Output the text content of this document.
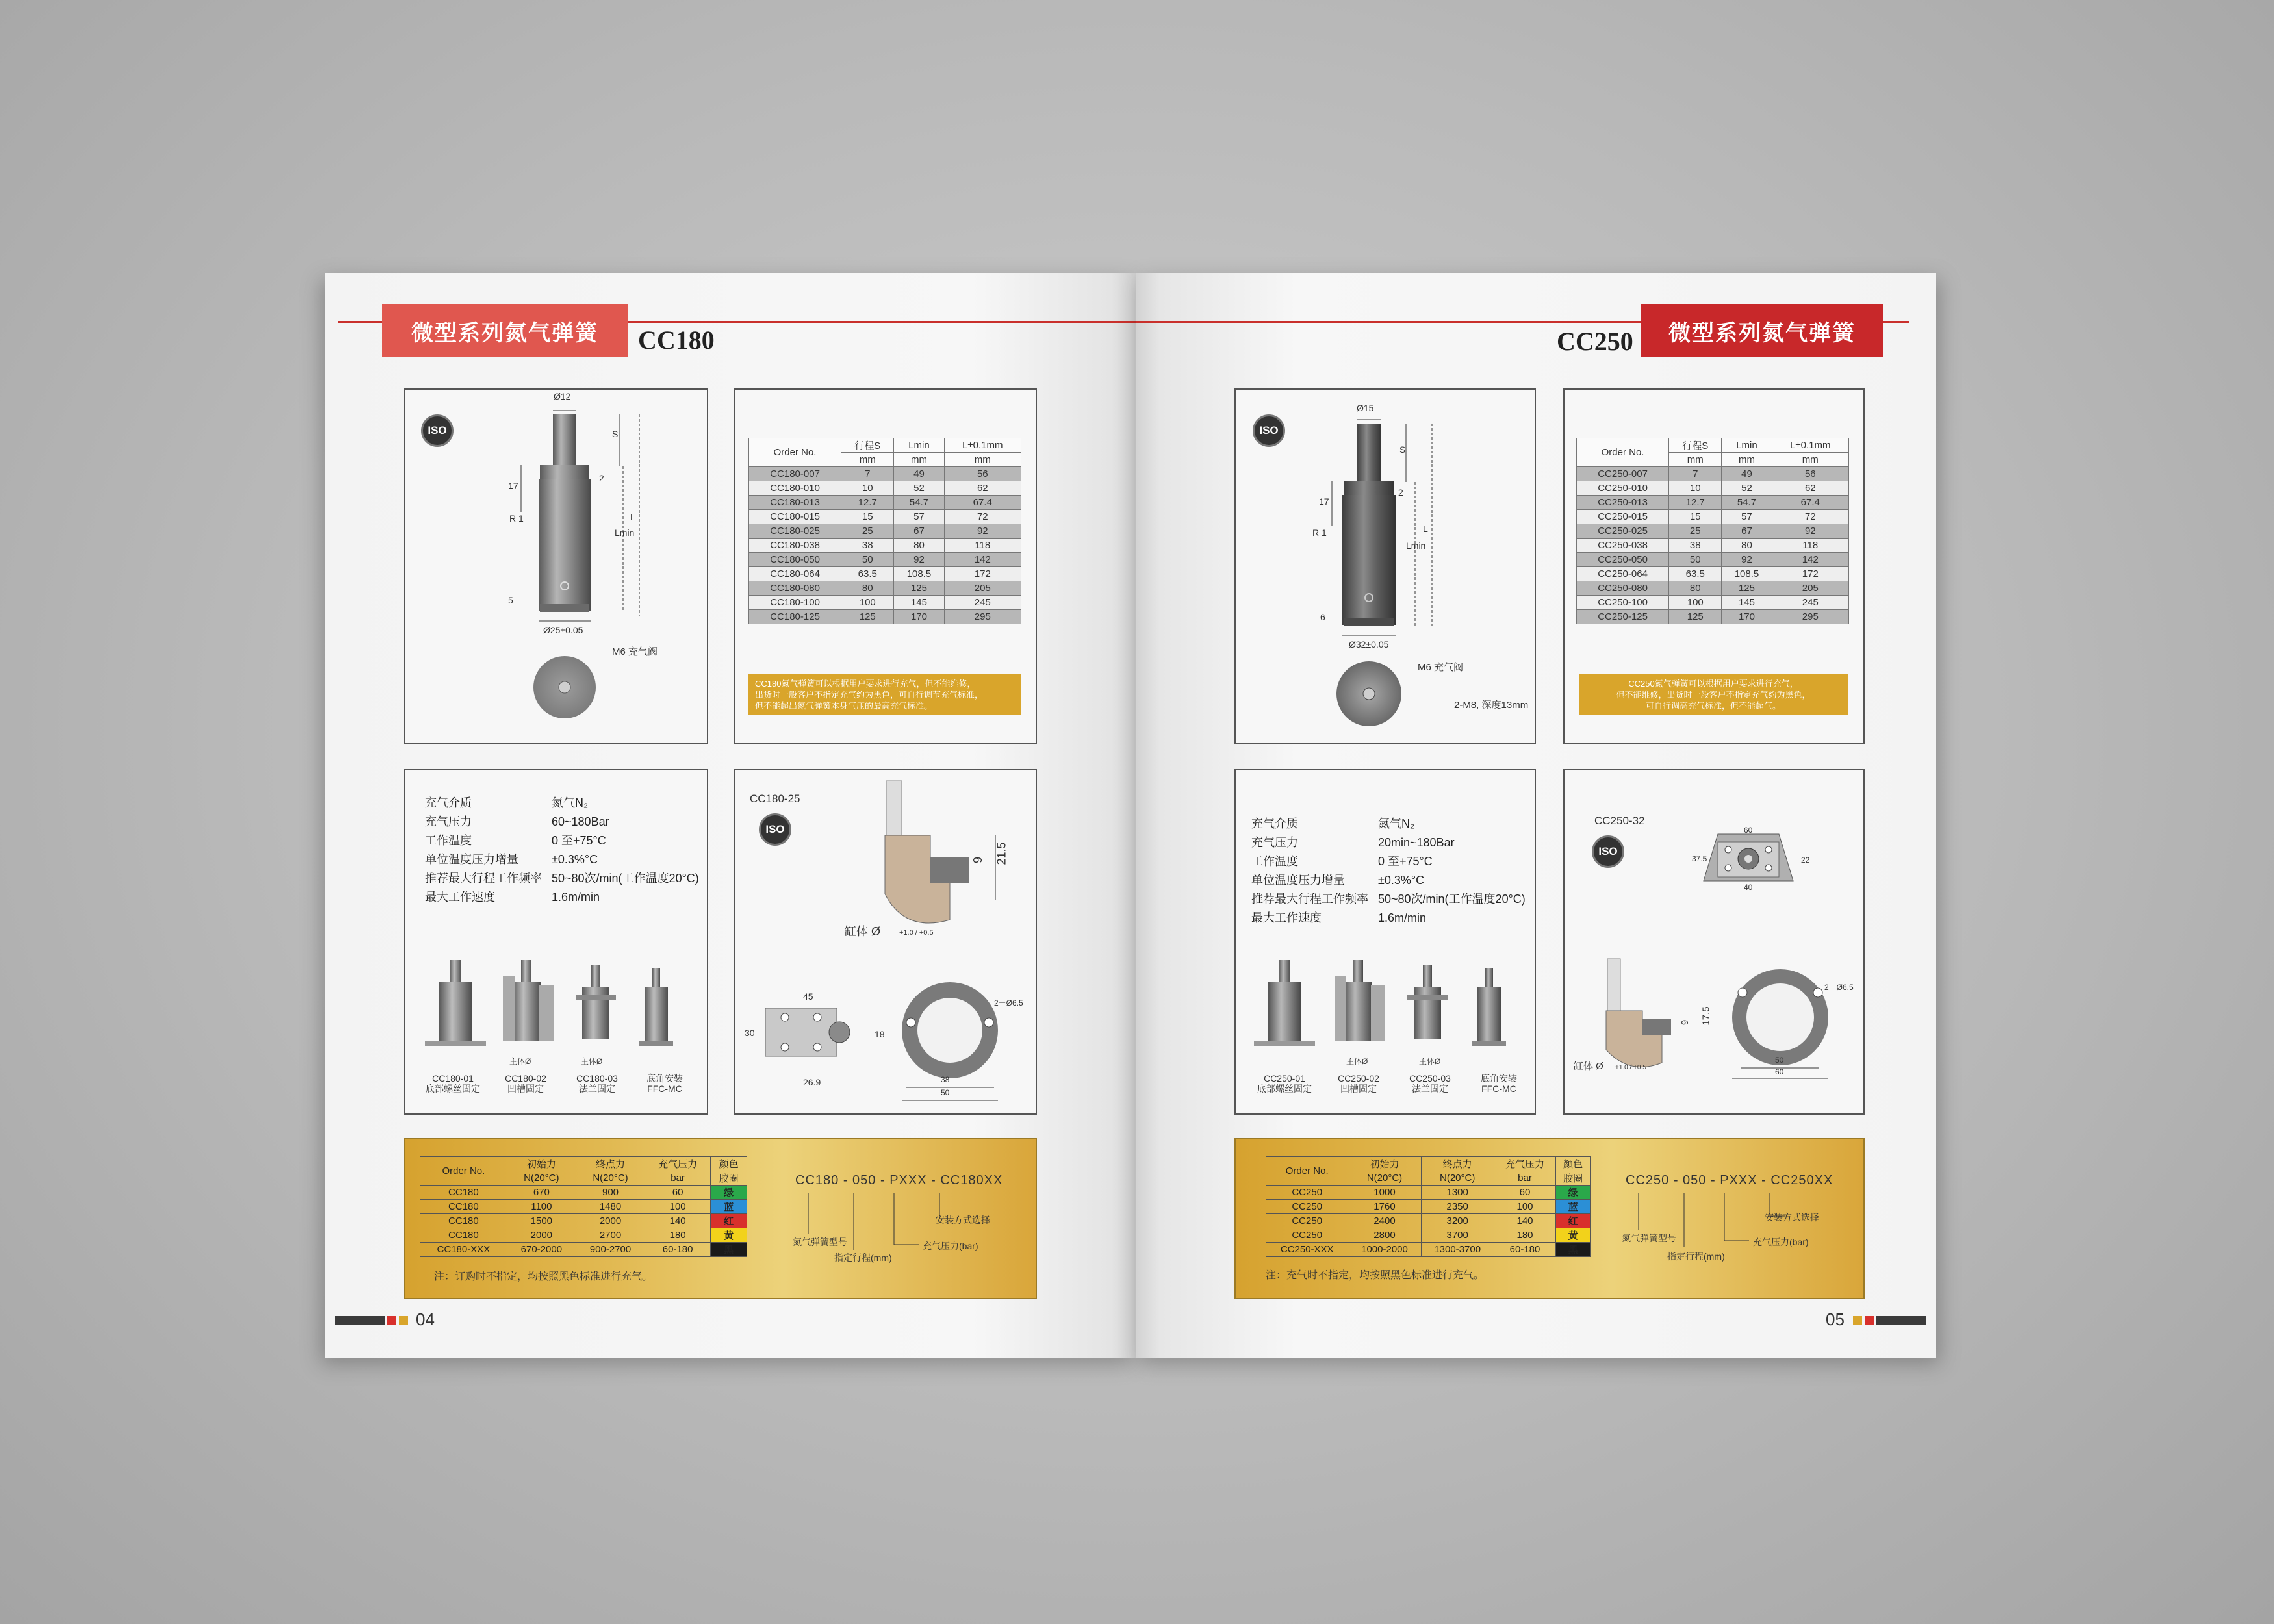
微型系列氮气弹簧	CC180
ISO
Ø12
S
L
Lmin
17
2
5
R 1
Ø25±0.05
M6 充气阀
Order No.	行程S	Lmin	L±0.1mm
	mm	mm	mm
CC180-007	7	49	56
CC180-010	10	52	62
CC180-013	12.7	54.7	67.4
CC180-015	15	57	72
CC180-025	25	67	92
CC180-038	38	80	118
CC180-050	50	92	142
CC180-064	63.5	108.5	172
CC180-080	80	125	205
CC180-100	100	145	245
CC180-125	125	170	295
CC180氮气弹簧可以根据用户要求进行充气，但不能维修，
出货时一般客户不指定充气约为黑色，可自行调节充气标准，
但不能超出氮气弹簧本身气压的最高充气标准。
充气介质	氮气N₂
充气压力	60~180Bar
工作温度	0 至+75°C
单位温度压力增量	±0.3%°C
推荐最大行程工作频率 50~80次/min(工作温度20°C)
最大工作速度	1.6m/min
主体Ø	主体Ø
CC180-01
底部螺丝固定
CC180-02
凹槽固定
CC180-03
法兰固定
底角安装
FFC-MC
CC180-25
ISO
21.5
9
缸体 Ø	+1.0 / +0.5
45
30	18
26.9	38
50
2－Ø6.5
Order No.	初始力	终点力	充气压力	颜色
	N(20°C)	N(20°C)	bar	胶圈
CC180	670	900	60	绿
CC180	1100	1480	100	蓝
CC180	1500	2000	140	红
CC180	2000	2700	180	黄
CC180-XXX	670-2000	900-2700	60-180	黑
CC180 - 050 - PXXX - CC180XX
氮气弹簧型号
指定行程(mm)
充气压力(bar)
安装方式选择
注：订购时不指定，均按照黑色标准进行充气。
04
CC250	微型系列氮气弹簧
ISO
Ø15
S
L
Lmin
17
2
6
R 1
Ø32±0.05
M6 充气阀
2-M8, 深度13mm
Order No.	行程S	Lmin	L±0.1mm
	mm	mm	mm
CC250-007	7	49	56
CC250-010	10	52	62
CC250-013	12.7	54.7	67.4
CC250-015	15	57	72
CC250-025	25	67	92
CC250-038	38	80	118
CC250-050	50	92	142
CC250-064	63.5	108.5	172
CC250-080	80	125	205
CC250-100	100	145	245
CC250-125	125	170	295
CC250氮气弹簧可以根据用户要求进行充气，
但不能维修，出货时一般客户不指定充气约为黑色，
可自行调高充气标准，但不能超气。
充气介质	氮气N₂
充气压力	20min~180Bar
工作温度	0 至+75°C
单位温度压力增量	±0.3%°C
推荐最大行程工作频率 50~80次/min(工作温度20°C)
最大工作速度	1.6m/min
主体Ø	主体Ø
CC250-01
底部螺丝固定
CC250-02
凹槽固定
CC250-03
法兰固定
底角安装
FFC-MC
CC250-32
ISO
60
37.5	22
40
17.5
9
缸体 Ø +1.0 / +0.5
50
60
2－Ø6.5
Order No.	初始力	终点力	充气压力	颜色
	N(20°C)	N(20°C)	bar	胶圈
CC250	1000	1300	60	绿
CC250	1760	2350	100	蓝
CC250	2400	3200	140	红
CC250	2800	3700	180	黄
CC250-XXX	1000-2000	1300-3700	60-180	黑
CC250 - 050 - PXXX - CC250XX
氮气弹簧型号
指定行程(mm)
充气压力(bar)
安装方式选择
注：充气时不指定，均按照黑色标准进行充气。
05
